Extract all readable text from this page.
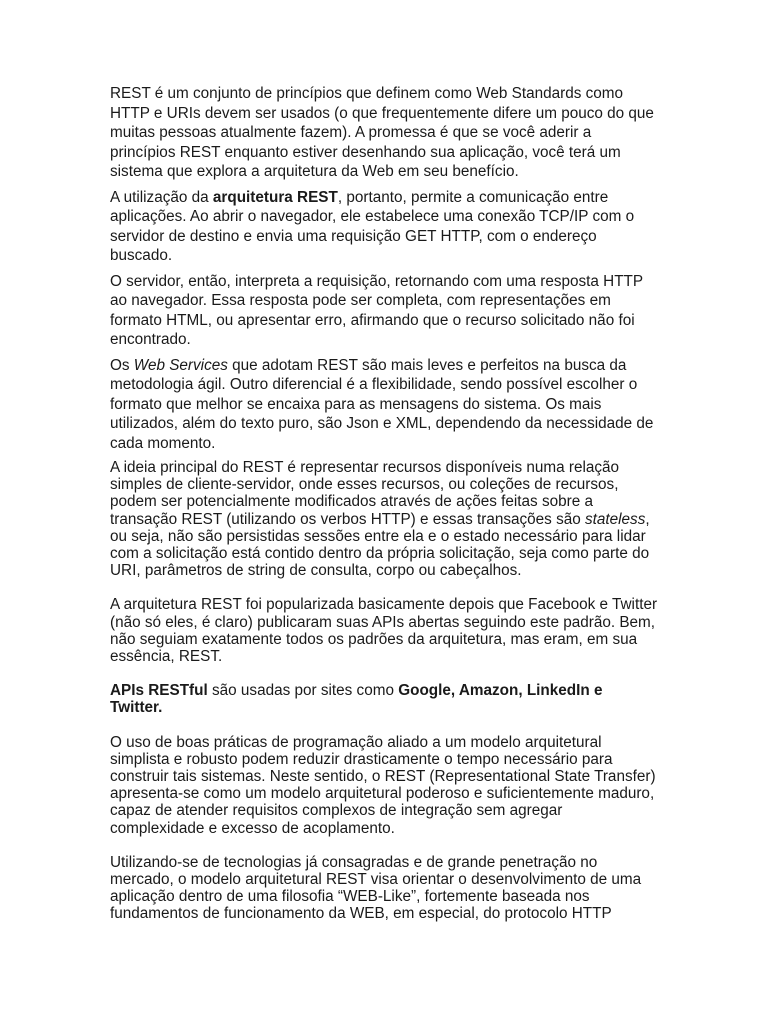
REST é um conjunto de princípios que definem como Web Standards como HTTP e URIs devem ser usados (o que frequentemente difere um pouco do que muitas pessoas atualmente fazem). A promessa é que se você aderir a princípios REST enquanto estiver desenhando sua aplicação, você terá um sistema que explora a arquitetura da Web em seu benefício.

A utilização da arquitetura REST, portanto, permite a comunicação entre aplicações. Ao abrir o navegador, ele estabelece uma conexão TCP/IP com o servidor de destino e envia uma requisição GET HTTP, com o endereço buscado.

O servidor, então, interpreta a requisição, retornando com uma resposta HTTP ao navegador. Essa resposta pode ser completa, com representações em formato HTML, ou apresentar erro, afirmando que o recurso solicitado não foi encontrado.

Os Web Services que adotam REST são mais leves e perfeitos na busca da metodologia ágil. Outro diferencial é a flexibilidade, sendo possível escolher o formato que melhor se encaixa para as mensagens do sistema. Os mais utilizados, além do texto puro, são Json e XML, dependendo da necessidade de cada momento.

A ideia principal do REST é representar recursos disponíveis numa relação simples de cliente-servidor, onde esses recursos, ou coleções de recursos, podem ser potencialmente modificados através de ações feitas sobre a transação REST (utilizando os verbos HTTP) e essas transações são stateless, ou seja, não são persistidas sessões entre ela e o estado necessário para lidar com a solicitação está contido dentro da própria solicitação, seja como parte do URI, parâmetros de string de consulta, corpo ou cabeçalhos.

A arquitetura REST foi popularizada basicamente depois que Facebook e Twitter (não só eles, é claro) publicaram suas APIs abertas seguindo este padrão. Bem, não seguiam exatamente todos os padrões da arquitetura, mas eram, em sua essência, REST.

APIs RESTful são usadas por sites como Google, Amazon, LinkedIn e Twitter.

O uso de boas práticas de programação aliado a um modelo arquitetural simplista e robusto podem reduzir drasticamente o tempo necessário para construir tais sistemas. Neste sentido, o REST (Representational State Transfer) apresenta-se como um modelo arquitetural poderoso e suficientemente maduro, capaz de atender requisitos complexos de integração sem agregar complexidade e excesso de acoplamento.

Utilizando-se de tecnologias já consagradas e de grande penetração no mercado, o modelo arquitetural REST visa orientar o desenvolvimento de uma aplicação dentro de uma filosofia “WEB-Like”, fortemente baseada nos fundamentos de funcionamento da WEB, em especial, do protocolo HTTP
